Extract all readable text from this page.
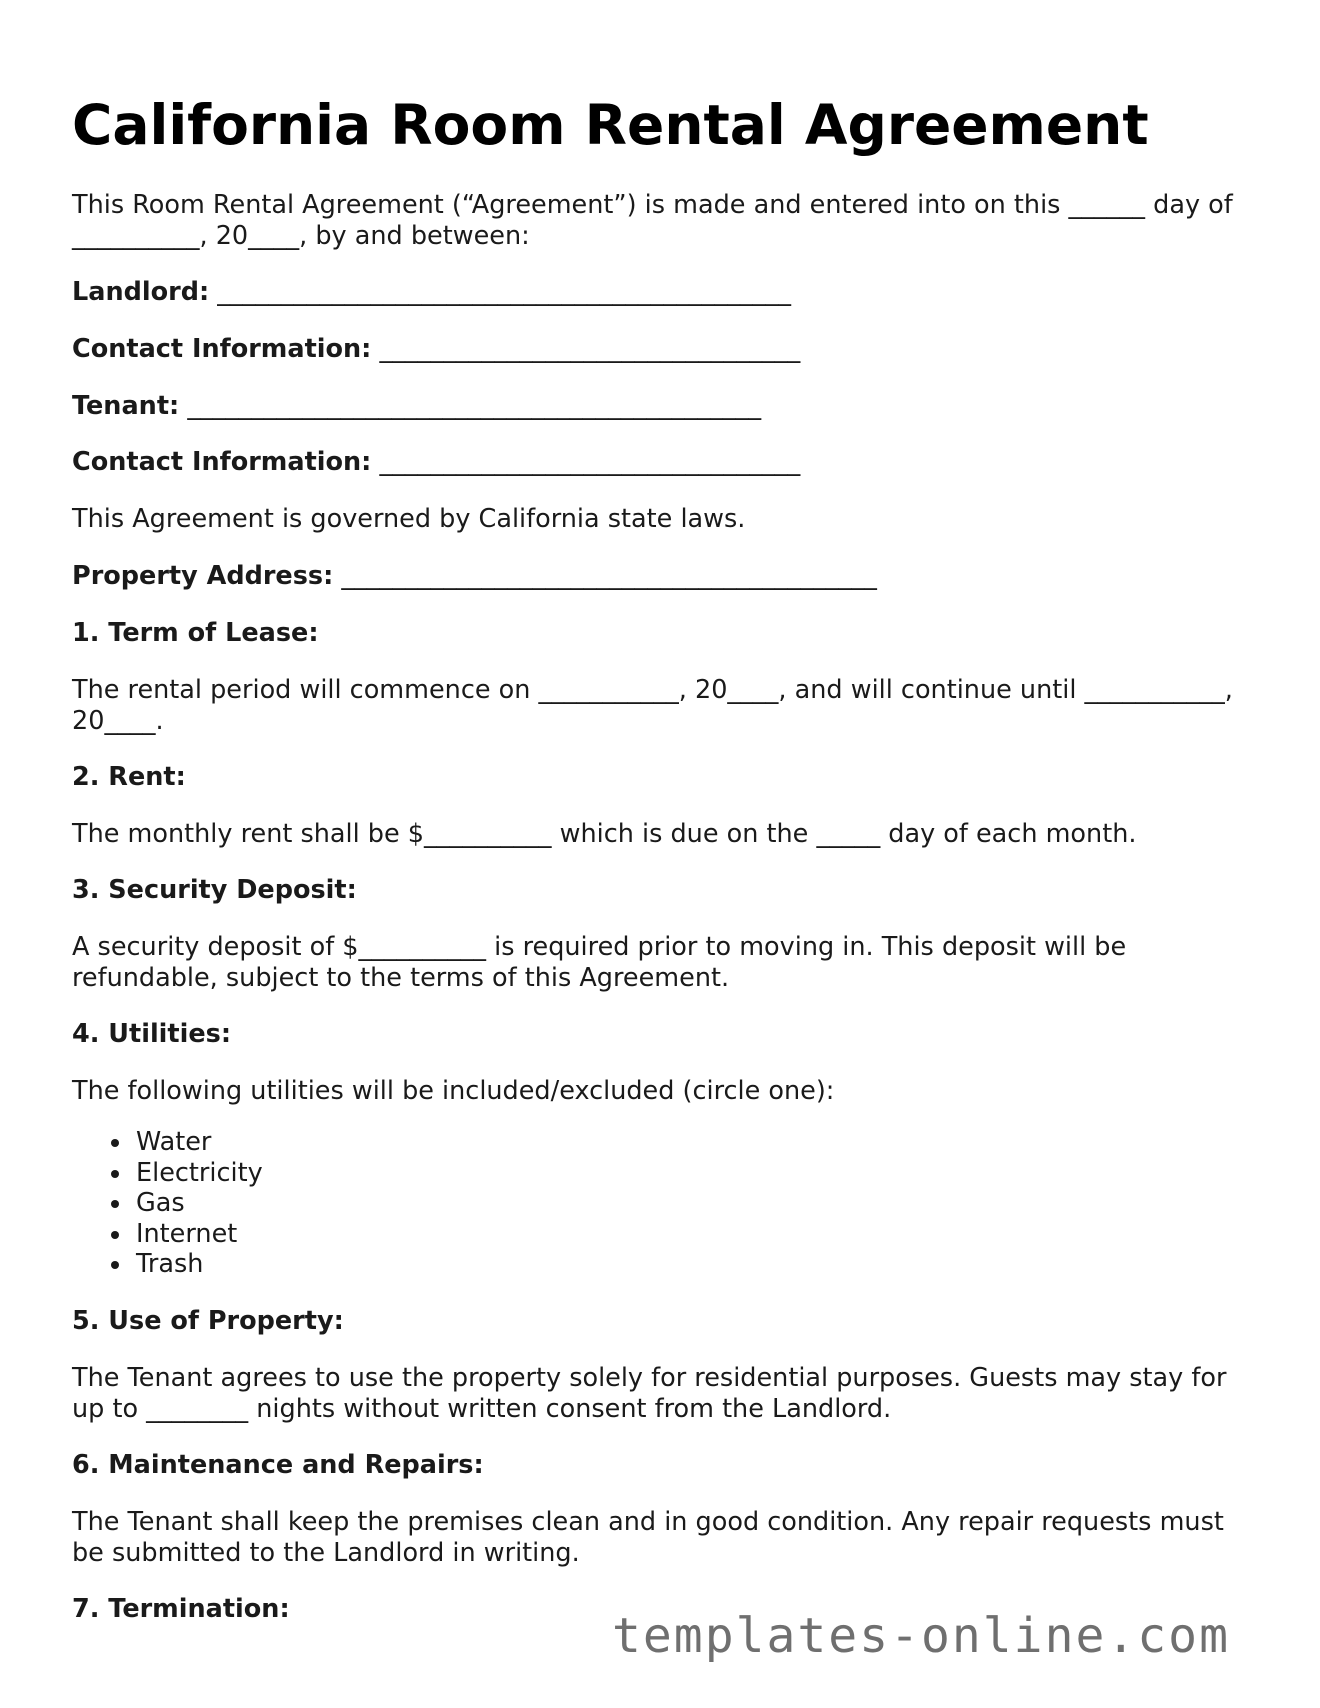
California Room Rental Agreement

This Room Rental Agreement (“Agreement”) is made and entered into on this ______ day of __________, 20____, by and between:

Landlord: _____________________________________________

Contact Information: _________________________________

Tenant: _____________________________________________

Contact Information: _________________________________

This Agreement is governed by California state laws.

Property Address: __________________________________________

1. Term of Lease:

The rental period will commence on ___________, 20____, and will continue until ___________, 20____.

2. Rent:

The monthly rent shall be $__________ which is due on the _____ day of each month.

3. Security Deposit:

A security deposit of $__________ is required prior to moving in. This deposit will be refundable, subject to the terms of this Agreement.

4. Utilities:

The following utilities will be included/excluded (circle one):

Water
Electricity
Gas
Internet
Trash

5. Use of Property:

The Tenant agrees to use the property solely for residential purposes. Guests may stay for up to ________ nights without written consent from the Landlord.

6. Maintenance and Repairs:

The Tenant shall keep the premises clean and in good condition. Any repair requests must be submitted to the Landlord in writing.

7. Termination:	templates-online.com
